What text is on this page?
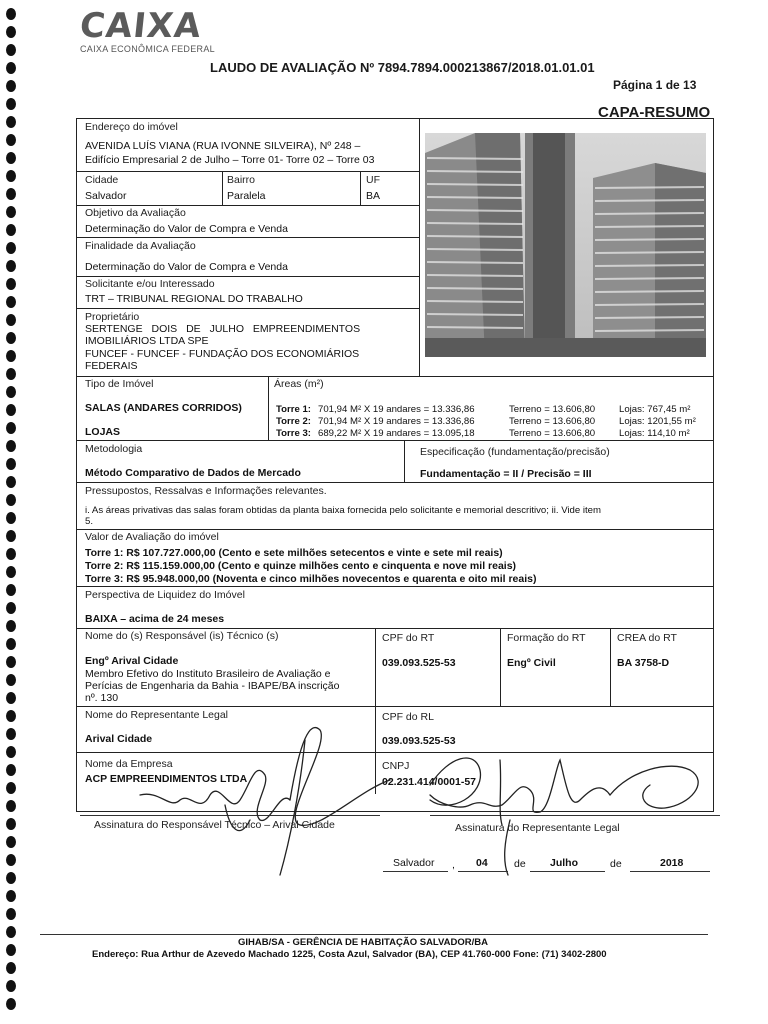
CAIXA
CAIXA ECONÔMICA FEDERAL
LAUDO DE AVALIAÇÃO Nº 7894.7894.000213867/2018.01.01.01
Página 1 de 13
CAPA-RESUMO
Endereço do imóvel
AVENIDA LUÍS VIANA (RUA IVONNE SILVEIRA), Nº 248 –
Edifício Empresarial 2 de Julho – Torre 01- Torre 02 – Torre 03
Cidade
Salvador
Bairro
Paralela
UF
BA
Objetivo da Avaliação
Determinação do Valor de Compra e Venda
Finalidade da Avaliação
Determinação do Valor de Compra e Venda
Solicitante e/ou Interessado
TRT – TRIBUNAL REGIONAL DO TRABALHO
Proprietário
SERTENGE DOIS DE JULHO EMPREENDIMENTOS
IMOBILIÁRIOS LTDA SPE
FUNCEF - FUNCEF - FUNDAÇÃO DOS ECONOMIÁRIOS
FEDERAIS
Tipo de Imóvel
SALAS (ANDARES CORRIDOS)
LOJAS
Áreas (m²)
Torre 1: 701,94 M² X 19 andares = 13.336,86	Terreno = 13.606,80 Lojas: 767,45 m²
Torre 2: 701,94 M² X 19 andares = 13.336,86	Terreno = 13.606,80 Lojas: 1201,55 m²
Torre 3: 689,22 M² X 19 andares = 13.095,18	Terreno = 13.606,80 Lojas: 114,10 m²
Metodologia
Método Comparativo de Dados de Mercado
Especificação (fundamentação/precisão)
Fundamentação = II / Precisão = III
Pressupostos, Ressalvas e Informações relevantes.
i. As áreas privativas das salas foram obtidas da planta baixa fornecida pelo solicitante e memorial descritivo; ii. Vide item
5.
Valor de Avaliação do imóvel
Torre 1: R$ 107.727.000,00 (Cento e sete milhões setecentos e vinte e sete mil reais)
Torre 2: R$ 115.159.000,00 (Cento e quinze milhões cento e cinquenta e nove mil reais)
Torre 3: R$ 95.948.000,00 (Noventa e cinco milhões novecentos e quarenta e oito mil reais)
Perspectiva de Liquidez do Imóvel
BAIXA – acima de 24 meses
Nome do (s) Responsável (is) Técnico (s)
Engº Arival Cidade
Membro Efetivo do Instituto Brasileiro de Avaliação e
Perícias de Engenharia da Bahia - IBAPE/BA inscrição
nº. 130
CPF do RT
039.093.525-53
Formação do RT
Engº Civil
CREA do RT
BA 3758-D
Nome do Representante Legal
Arival Cidade
CPF do RL
039.093.525-53
Nome da Empresa
ACP EMPREENDIMENTOS LTDA
CNPJ
02.231.414/0001-57
Assinatura do Responsável Técnico – Arival Cidade	Assinatura do Representante Legal
Salvador , 04	de Julho	de	2018
GIHAB/SA - GERÊNCIA DE HABITAÇÃO SALVADOR/BA
Endereço: Rua Arthur de Azevedo Machado 1225, Costa Azul, Salvador (BA), CEP 41.760-000 Fone: (71) 3402-2800
